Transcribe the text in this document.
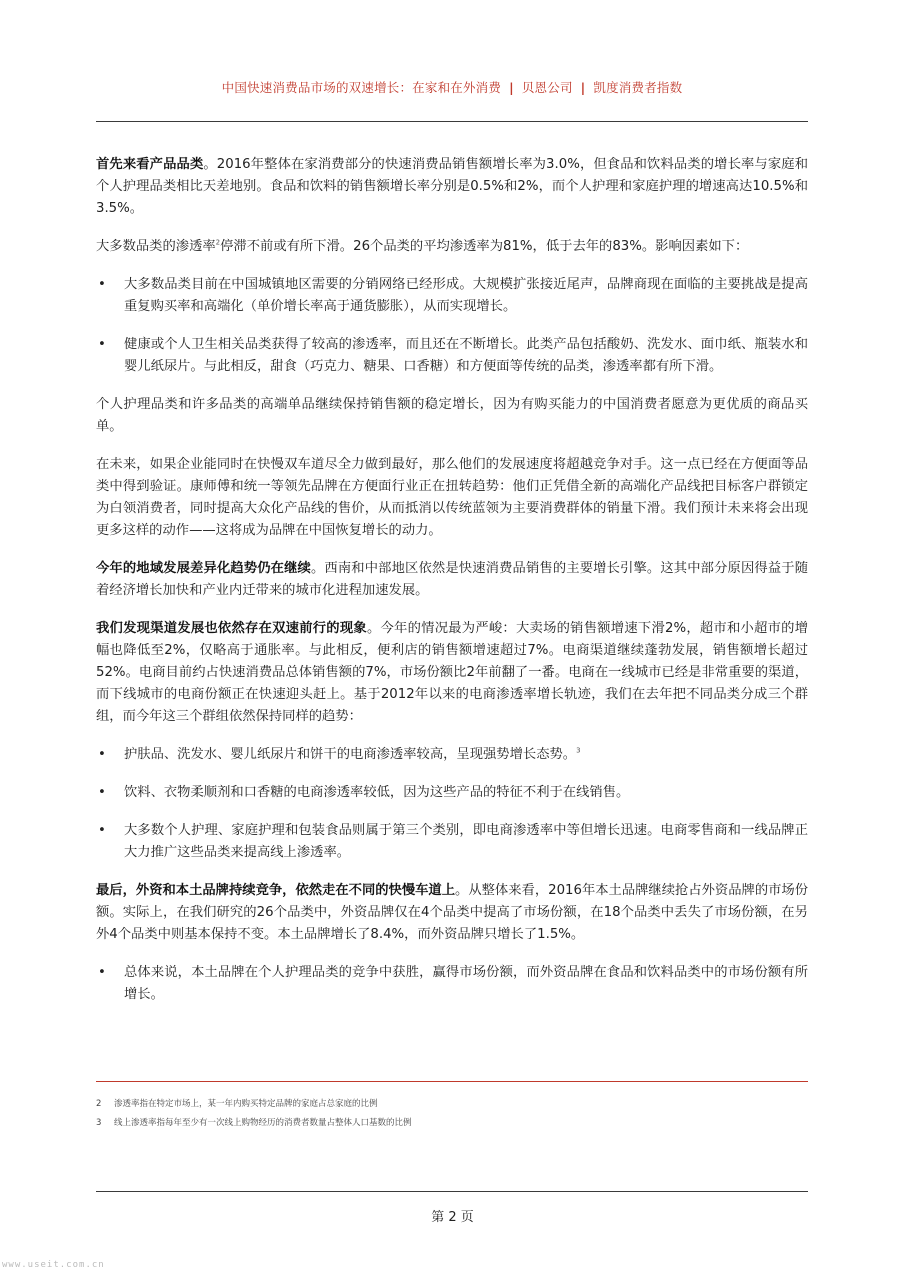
中国快速消费品市场的双速增长：在家和在外消费 | 贝恩公司 | 凯度消费者指数

首先来看产品品类。2016年整体在家消费部分的快速消费品销售额增长率为3.0%，但食品和饮料品类的增长率与家庭和个人护理品类相比天差地别。食品和饮料的销售额增长率分别是0.5%和2%，而个人护理和家庭护理的增速高达10.5%和3.5%。

大多数品类的渗透率$^2$停滞不前或有所下滑。26个品类的平均渗透率为81%，低于去年的83%。影响因素如下：

• 大多数品类目前在中国城镇地区需要的分销网络已经形成。大规模扩张接近尾声，品牌商现在面临的主要挑战是提高重复购买率和高端化（单价增长率高于通货膨胀），从而实现增长。
• 健康或个人卫生相关品类获得了较高的渗透率，而且还在不断增长。此类产品包括酸奶、洗发水、面巾纸、瓶装水和婴儿纸尿片。与此相反，甜食（巧克力、糖果、口香糖）和方便面等传统的品类，渗透率都有所下滑。

个人护理品类和许多品类的高端单品继续保持销售额的稳定增长，因为有购买能力的中国消费者愿意为更优质的商品买单。

在未来，如果企业能同时在快慢双车道尽全力做到最好，那么他们的发展速度将超越竞争对手。这一点已经在方便面等品类中得到验证。康师傅和统一等领先品牌在方便面行业正在扭转趋势：他们正凭借全新的高端化产品线把目标客户群锁定为白领消费者，同时提高大众化产品线的售价，从而抵消以传统蓝领为主要消费群体的销量下滑。我们预计未来将会出现更多这样的动作——这将成为品牌在中国恢复增长的动力。

今年的地域发展差异化趋势仍在继续。西南和中部地区依然是快速消费品销售的主要增长引擎。这其中部分原因得益于随着经济增长加快和产业内迁带来的城市化进程加速发展。

我们发现渠道发展也依然存在双速前行的现象。今年的情况最为严峻：大卖场的销售额增速下滑2%，超市和小超市的增幅也降低至2%，仅略高于通胀率。与此相反，便利店的销售额增速超过7%。电商渠道继续蓬勃发展，销售额增长超过52%。电商目前约占快速消费品总体销售额的7%，市场份额比2年前翻了一番。电商在一线城市已经是非常重要的渠道，而下线城市的电商份额正在快速迎头赶上。基于2012年以来的电商渗透率增长轨迹，我们在去年把不同品类分成三个群组，而今年这三个群组依然保持同样的趋势：

• 护肤品、洗发水、婴儿纸尿片和饼干的电商渗透率较高，呈现强势增长态势。$^3$
• 饮料、衣物柔顺剂和口香糖的电商渗透率较低，因为这些产品的特征不利于在线销售。
• 大多数个人护理、家庭护理和包装食品则属于第三个类别，即电商渗透率中等但增长迅速。电商零售商和一线品牌正大力推广这些品类来提高线上渗透率。

最后，外资和本土品牌持续竞争，依然走在不同的快慢车道上。从整体来看，2016年本土品牌继续抢占外资品牌的市场份额。实际上，在我们研究的26个品类中，外资品牌仅在4个品类中提高了市场份额，在18个品类中丢失了市场份额，在另外4个品类中则基本保持不变。本土品牌增长了8.4%，而外资品牌只增长了1.5%。

• 总体来说，本土品牌在个人护理品类的竞争中获胜，赢得市场份额，而外资品牌在食品和饮料品类中的市场份额有所增长。
2 渗透率指在特定市场上，某一年内购买特定品牌的家庭占总家庭的比例
3 线上渗透率指每年至少有一次线上购物经历的消费者数量占整体人口基数的比例
第 2 页
www.useit.com.cn
